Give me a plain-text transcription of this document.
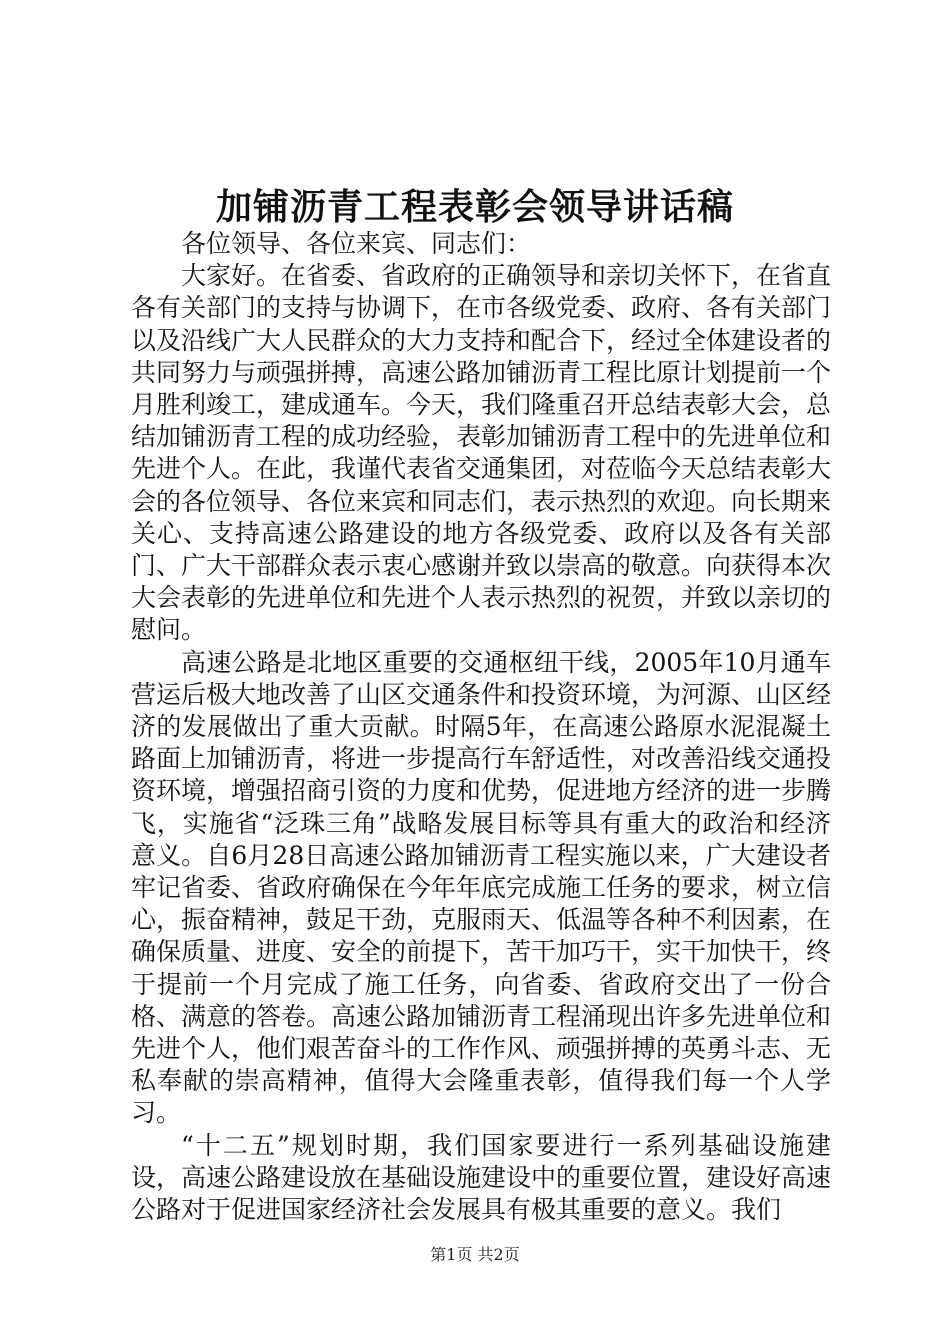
加铺沥青工程表彰会领导讲话稿

各位领导、各位来宾、同志们：

大家好。在省委、省政府的正确领导和亲切关怀下，在省直各有关部门的支持与协调下，在市各级党委、政府、各有关部门以及沿线广大人民群众的大力支持和配合下，经过全体建设者的共同努力与顽强拼搏，高速公路加铺沥青工程比原计划提前一个月胜利竣工，建成通车。今天，我们隆重召开总结表彰大会，总结加铺沥青工程的成功经验，表彰加铺沥青工程中的先进单位和先进个人。在此，我谨代表省交通集团，对莅临今天总结表彰大会的各位领导、各位来宾和同志们，表示热烈的欢迎。向长期来关心、支持高速公路建设的地方各级党委、政府以及各有关部门、广大干部群众表示衷心感谢并致以崇高的敬意。向获得本次大会表彰的先进单位和先进个人表示热烈的祝贺，并致以亲切的慰问。

高速公路是北地区重要的交通枢纽干线，2005年10月通车营运后极大地改善了山区交通条件和投资环境，为河源、山区经济的发展做出了重大贡献。时隔5年，在高速公路原水泥混凝土路面上加铺沥青，将进一步提高行车舒适性，对改善沿线交通投资环境，增强招商引资的力度和优势，促进地方经济的进一步腾飞，实施省“泛珠三角”战略发展目标等具有重大的政治和经济意义。自6月28日高速公路加铺沥青工程实施以来，广大建设者牢记省委、省政府确保在今年年底完成施工任务的要求，树立信心，振奋精神，鼓足干劲，克服雨天、低温等各种不利因素，在确保质量、进度、安全的前提下，苦干加巧干，实干加快干，终于提前一个月完成了施工任务，向省委、省政府交出了一份合格、满意的答卷。高速公路加铺沥青工程涌现出许多先进单位和先进个人，他们艰苦奋斗的工作作风、顽强拼搏的英勇斗志、无私奉献的崇高精神，值得大会隆重表彰，值得我们每一个人学习。

“十二五”规划时期，我们国家要进行一系列基础设施建设，高速公路建设放在基础设施建设中的重要位置，建设好高速公路对于促进国家经济社会发展具有极其重要的意义。我们

第1页 共2页
